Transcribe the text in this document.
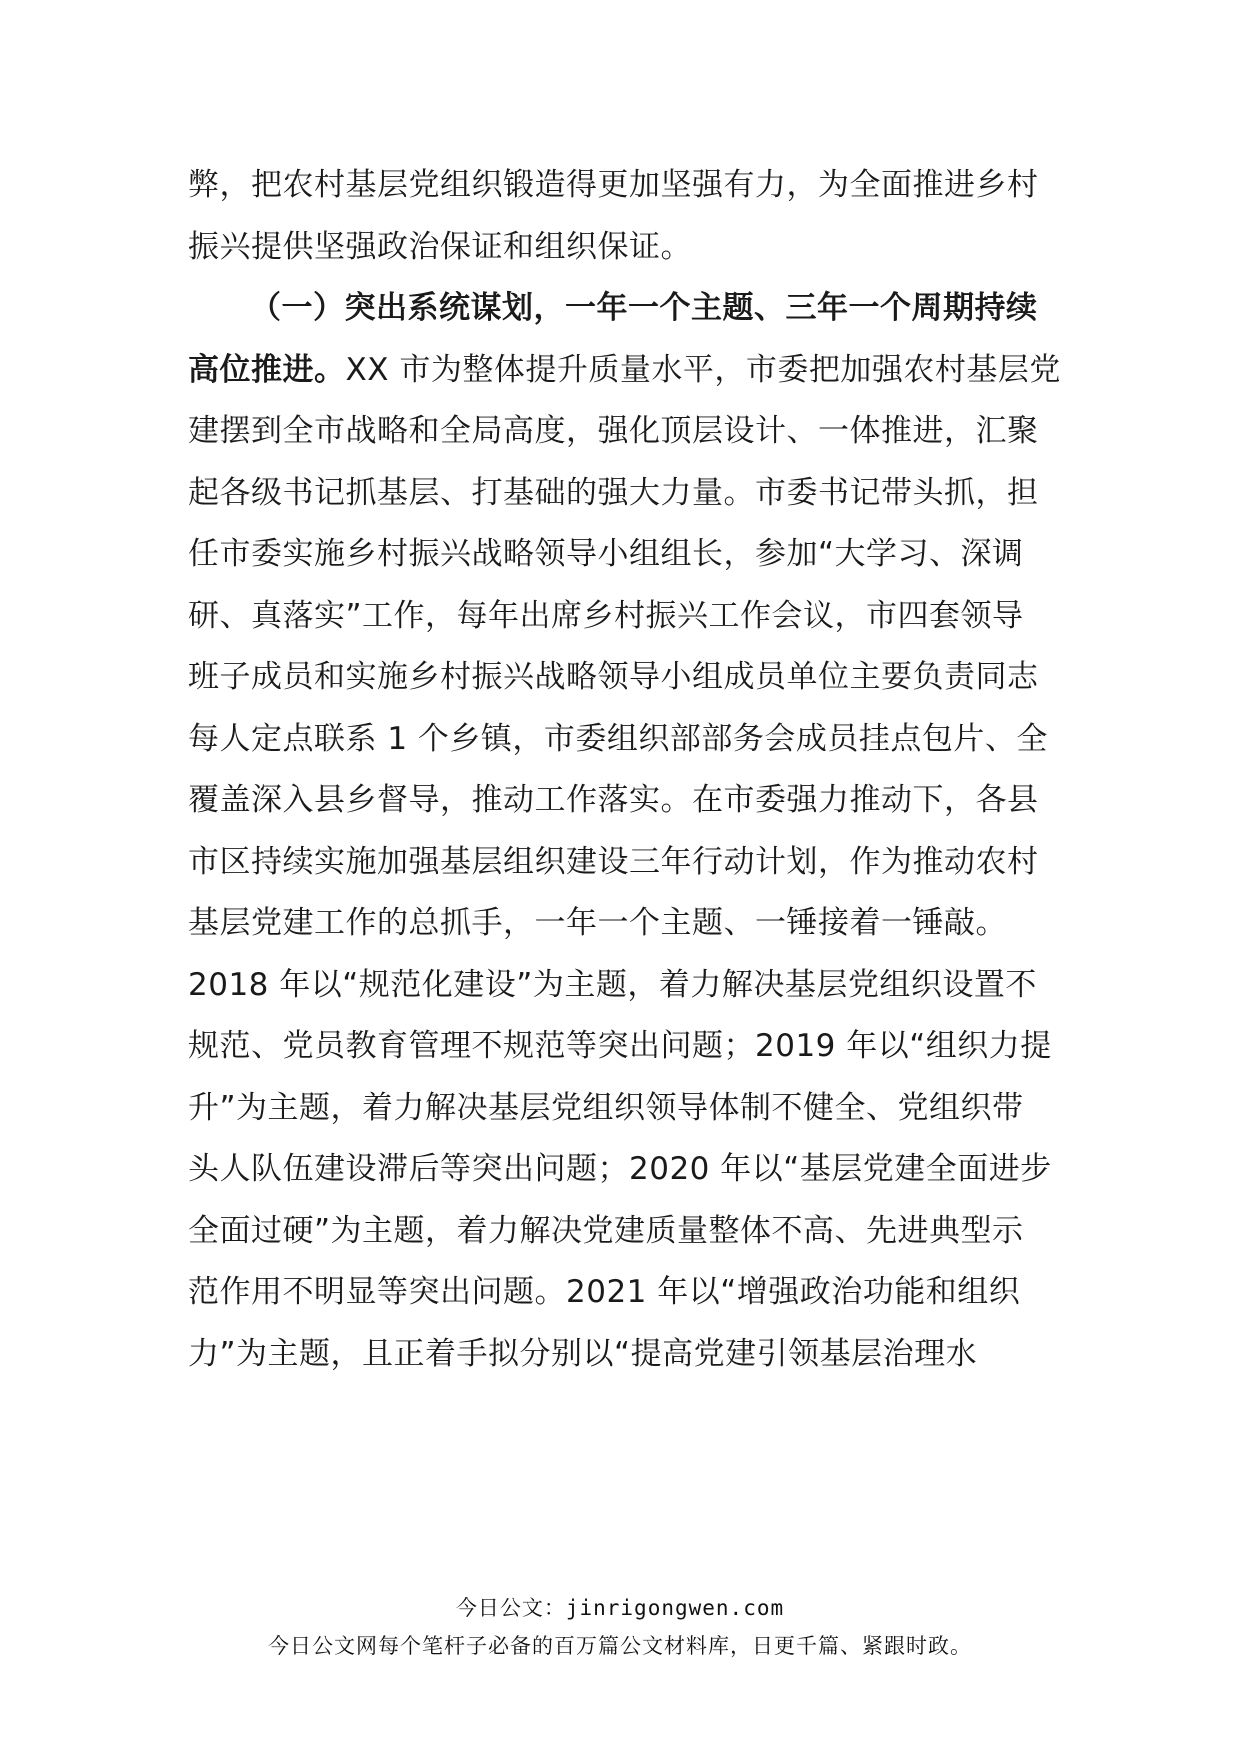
弊，把农村基层党组织锻造得更加坚强有力，为全面推进乡村
振兴提供坚强政治保证和组织保证。
（一）突出系统谋划，一年一个主题、三年一个周期持续
高位推进。XX 市为整体提升质量水平，市委把加强农村基层党
建摆到全市战略和全局高度，强化顶层设计、一体推进，汇聚
起各级书记抓基层、打基础的强大力量。市委书记带头抓，担
任市委实施乡村振兴战略领导小组组长，参加“大学习、深调
研、真落实”工作，每年出席乡村振兴工作会议，市四套领导
班子成员和实施乡村振兴战略领导小组成员单位主要负责同志
每人定点联系 1 个乡镇，市委组织部部务会成员挂点包片、全
覆盖深入县乡督导，推动工作落实。在市委强力推动下，各县
市区持续实施加强基层组织建设三年行动计划，作为推动农村
基层党建工作的总抓手，一年一个主题、一锤接着一锤敲。
2018 年以“规范化建设”为主题，着力解决基层党组织设置不
规范、党员教育管理不规范等突出问题；2019 年以“组织力提
升”为主题，着力解决基层党组织领导体制不健全、党组织带
头人队伍建设滞后等突出问题；2020 年以“基层党建全面进步
全面过硬”为主题，着力解决党建质量整体不高、先进典型示
范作用不明显等突出问题。2021 年以“增强政治功能和组织
力”为主题，且正着手拟分别以“提高党建引领基层治理水
今日公文：jinrigongwen.com
今日公文网每个笔杆子必备的百万篇公文材料库，日更千篇、紧跟时政。
